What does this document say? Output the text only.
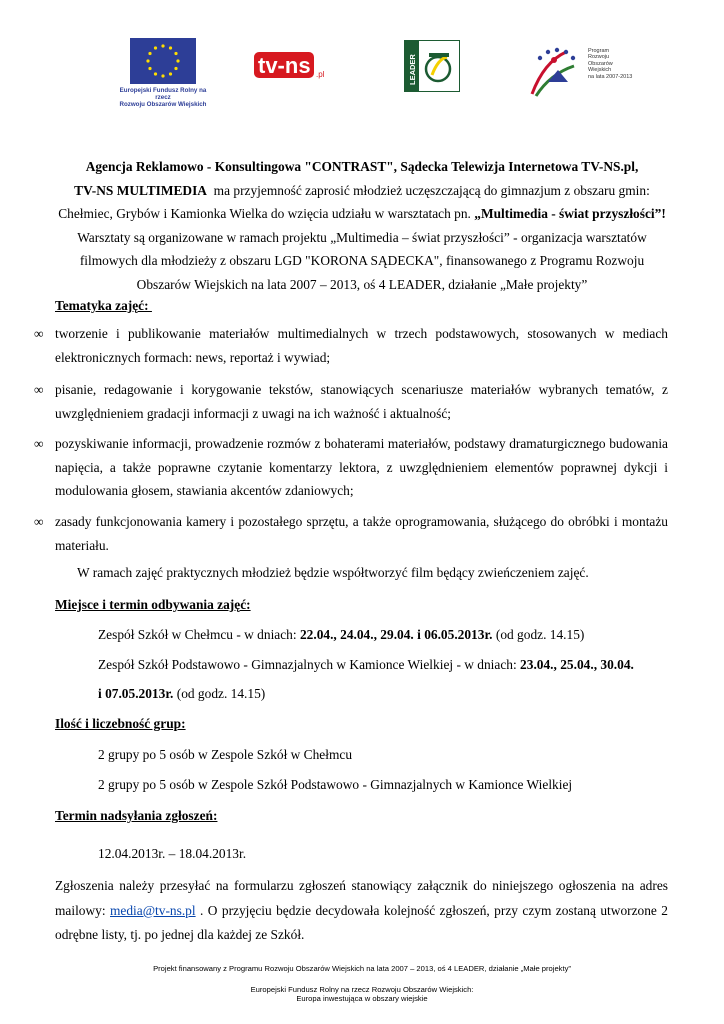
Europejski Fundusz Rolny na rzecz
Rozwoju Obszarów Wiejskich
tv-ns .pl	LEADER
Program
Rozwoju
Obszarów
Wiejskich
na lata 2007-2013

Agencja Reklamowo - Konsultingowa "CONTRAST", Sądecka Telewizja Internetowa TV-NS.pl,

TV-NS MULTIMEDIA  ma przyjemność zaprosić młodzież uczęszczającą do gimnazjum z obszaru gmin:

Chełmiec, Grybów i Kamionka Wielka do wzięcia udziału w warsztatach pn. „Multimedia - świat przyszłości”!

Warsztaty są organizowane w ramach projektu „Multimedia – świat przyszłości” - organizacja warsztatów

filmowych dla młodzieży z obszaru LGD "KORONA SĄDECKA", finansowanego z Programu Rozwoju

Obszarów Wiejskich na lata 2007 – 2013, oś 4 LEADER, działanie „Małe projekty”

Tematyka zajęć:
∞ tworzenie i publikowanie materiałów multimedialnych w trzech podstawowych, stosowanych w mediach elektronicznych formach: news, reportaż i wywiad;
∞ pisanie, redagowanie i korygowanie tekstów, stanowiących scenariusze materiałów wybranych tematów, z uwzględnieniem gradacji informacji z uwagi na ich ważność i aktualność;
∞ pozyskiwanie informacji, prowadzenie rozmów z bohaterami materiałów, podstawy dramaturgicznego budowania napięcia, a także poprawne czytanie komentarzy lektora, z uwzględnieniem elementów poprawnej dykcji i modulowania głosem, stawiania akcentów zdaniowych;
∞ zasady funkcjonowania kamery i pozostałego sprzętu, a także oprogramowania, służącego do obróbki i montażu materiału.
W ramach zajęć praktycznych młodzież będzie współtworzyć film będący zwieńczeniem zajęć.
Miejsce i termin odbywania zajęć:
Zespół Szkół w Chełmcu - w dniach: 22.04., 24.04., 29.04. i 06.05.2013r. (od godz. 14.15)
Zespół Szkół Podstawowo - Gimnazjalnych w Kamionce Wielkiej - w dniach: 23.04., 25.04., 30.04.
i 07.05.2013r. (od godz. 14.15)
Ilość i liczebność grup:
2 grupy po 5 osób w Zespole Szkół w Chełmcu
2 grupy po 5 osób w Zespole Szkół Podstawowo - Gimnazjalnych w Kamionce Wielkiej
Termin nadsyłania zgłoszeń:
12.04.2013r. – 18.04.2013r.
Zgłoszenia należy przesyłać na formularzu zgłoszeń stanowiący załącznik do niniejszego ogłoszenia na adres mailowy: media@tv-ns.pl . O przyjęciu będzie decydowała kolejność zgłoszeń, przy czym zostaną utworzone 2 odrębne listy, tj. po jednej dla każdej ze Szkół.
Projekt finansowany z Programu Rozwoju Obszarów Wiejskich na lata 2007 – 2013, oś 4 LEADER, działanie „Małe projekty”
Europejski Fundusz Rolny na rzecz Rozwoju Obszarów Wiejskich:
Europa inwestująca w obszary wiejskie
